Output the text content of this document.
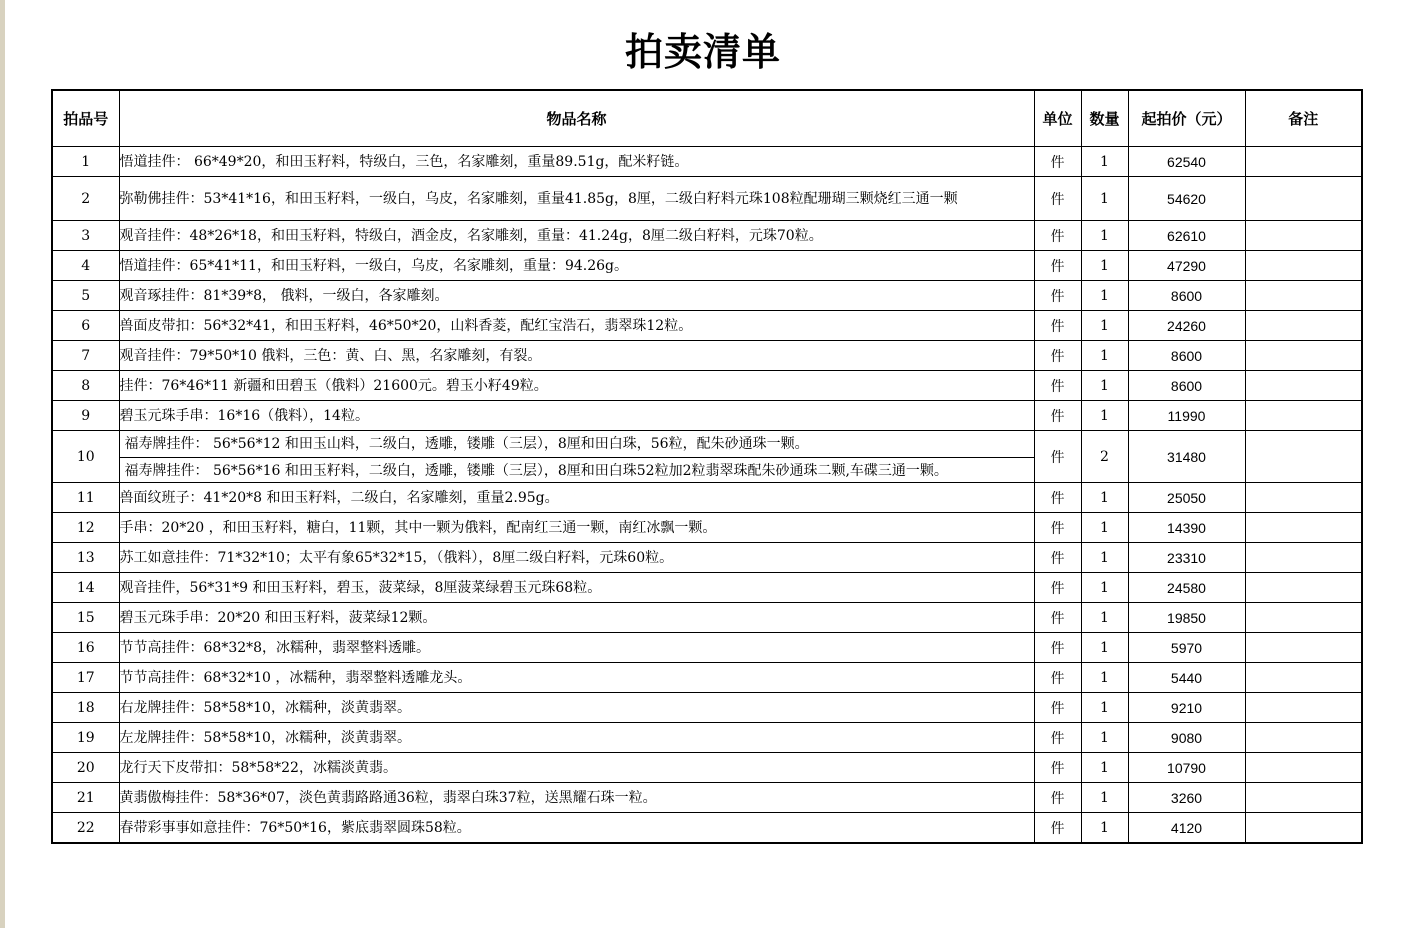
拍卖清单
拍品号	物品名称	单位	数量	起拍价（元）	备注
1	悟道挂件： 66*49*20，和田玉籽料，特级白，三色，名家雕刻，重量89.51g，配米籽链。	件	1	62540	
2	弥勒佛挂件：53*41*16，和田玉籽料，一级白，乌皮，名家雕刻，重量41.85g，8厘，二级白籽料元珠108粒配珊瑚三颗烧红三通一颗	件	1	54620	
3	观音挂件：48*26*18，和田玉籽料，特级白，酒金皮，名家雕刻，重量：41.24g，8厘二级白籽料，元珠70粒。	件	1	62610	
4	悟道挂件：65*41*11，和田玉籽料，一级白，乌皮，名家雕刻，重量：94.26g。	件	1	47290	
5	观音琢挂件：81*39*8， 俄料，一级白，各家雕刻。	件	1	8600	
6	兽面皮带扣：56*32*41，和田玉籽料，46*50*20，山料香菱，配红宝浩石，翡翠珠12粒。	件	1	24260	
7	观音挂件：79*50*10 俄料，三色：黄、白、黑，名家雕刻，有裂。	件	1	8600	
8	挂件：76*46*11 新疆和田碧玉（俄料）21600元。碧玉小籽49粒。	件	1	8600	
9	碧玉元珠手串：16*16（俄料），14粒。	件	1	11990	
10	福寿牌挂件： 56*56*12 和田玉山料，二级白，透雕，镂雕（三层），8厘和田白珠，56粒，配朱砂通珠一颗。
福寿牌挂件： 56*56*16 和田玉籽料，二级白，透雕，镂雕（三层），8厘和田白珠52粒加2粒翡翠珠配朱砂通珠二颗,车碟三通一颗。	件	2	31480	
11	兽面纹班子：41*20*8 和田玉籽料，二级白，名家雕刻，重量2.95g。	件	1	25050	
12	手串：20*20 ，和田玉籽料，糖白，11颗，其中一颗为俄料，配南红三通一颗，南红冰飘一颗。	件	1	14390	
13	苏工如意挂件：71*32*10；太平有象65*32*15，（俄料），8厘二级白籽料，元珠60粒。	件	1	23310	
14	观音挂件，56*31*9 和田玉籽料，碧玉，菠菜绿，8厘菠菜绿碧玉元珠68粒。	件	1	24580	
15	碧玉元珠手串：20*20 和田玉籽料，菠菜绿12颗。	件	1	19850	
16	节节高挂件：68*32*8，冰糯种，翡翠整料透雕。	件	1	5970	
17	节节高挂件：68*32*10 ，冰糯种，翡翠整料透雕龙头。	件	1	5440	
18	右龙牌挂件：58*58*10，冰糯种，淡黄翡翠。	件	1	9210	
19	左龙牌挂件：58*58*10，冰糯种，淡黄翡翠。	件	1	9080	
20	龙行天下皮带扣：58*58*22，冰糯淡黄翡。	件	1	10790	
21	黄翡傲梅挂件：58*36*07，淡色黄翡路路通36粒，翡翠白珠37粒，送黑耀石珠一粒。	件	1	3260	
22	春带彩事事如意挂件：76*50*16，紫底翡翠圆珠58粒。	件	1	4120	
